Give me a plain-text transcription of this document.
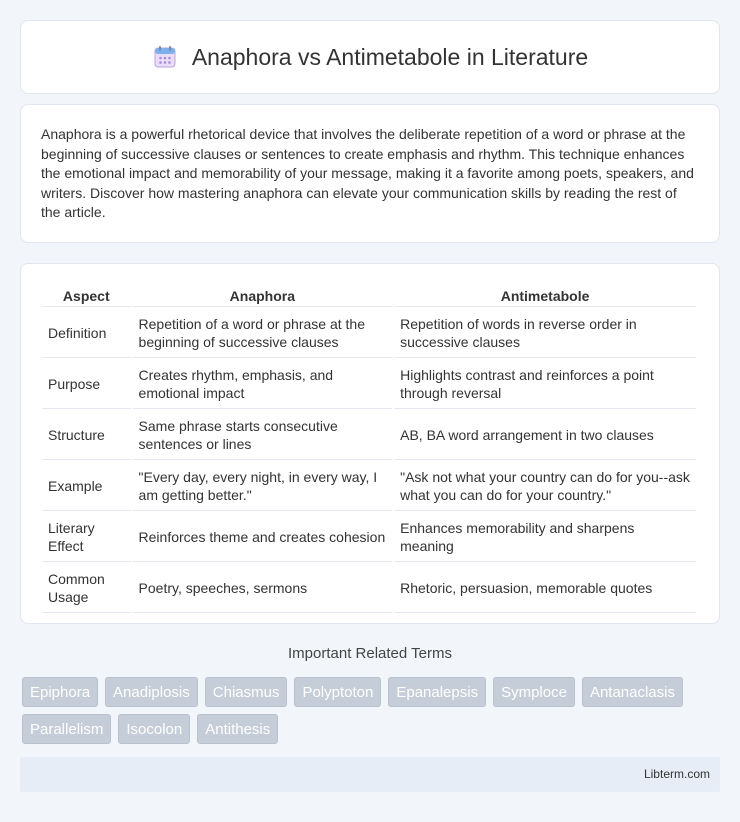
Anaphora vs Antimetabole in Literature

Anaphora is a powerful rhetorical device that involves the deliberate repetition of a word or phrase at the beginning of successive clauses or sentences to create emphasis and rhythm. This technique enhances the emotional impact and memorability of your message, making it a favorite among poets, speakers, and writers. Discover how mastering anaphora can elevate your communication skills by reading the rest of the article.

Aspect	Anaphora	Antimetabole
Definition	Repetition of a word or phrase at the beginning of successive clauses	Repetition of words in reverse order in successive clauses
Purpose	Creates rhythm, emphasis, and emotional impact	Highlights contrast and reinforces a point through reversal
Structure	Same phrase starts consecutive sentences or lines	AB, BA word arrangement in two clauses
Example	"Every day, every night, in every way, I am getting better."	"Ask not what your country can do for you--ask what you can do for your country."
Literary Effect	Reinforces theme and creates cohesion	Enhances memorability and sharpens meaning
Common Usage	Poetry, speeches, sermons	Rhetoric, persuasion, memorable quotes
Important Related Terms
Epiphora	Anadiplosis	Chiasmus	Polyptoton	Epanalepsis	Symploce	Antanaclasis
Parallelism	Isocolon	Antithesis
Libterm.com
